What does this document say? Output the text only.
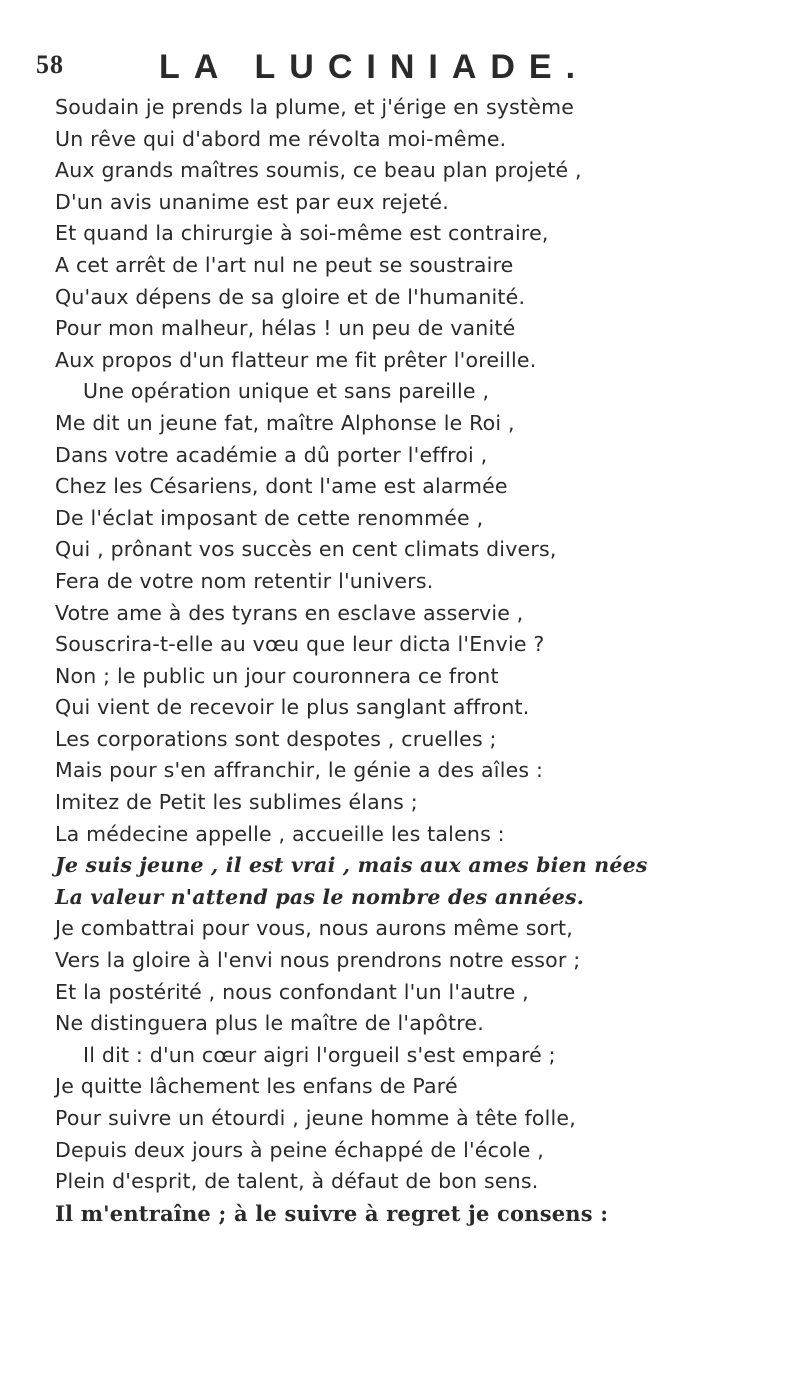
58	LA LUCINIADE.
Soudain je prends la plume, et j'érige en système
Un rêve qui d'abord me révolta moi-même.
Aux grands maîtres soumis, ce beau plan projeté ,
D'un avis unanime est par eux rejeté.
Et quand la chirurgie à soi-même est contraire,
A cet arrêt de l'art nul ne peut se soustraire
Qu'aux dépens de sa gloire et de l'humanité.
Pour mon malheur, hélas ! un peu de vanité
Aux propos d'un flatteur me fit prêter l'oreille.
Une opération unique et sans pareille ,
Me dit un jeune fat, maître Alphonse le Roi ,
Dans votre académie a dû porter l'effroi ,
Chez les Césariens, dont l'ame est alarmée
De l'éclat imposant de cette renommée ,
Qui , prônant vos succès en cent climats divers,
Fera de votre nom retentir l'univers.
Votre ame à des tyrans en esclave asservie ,
Souscrira-t-elle au vœu que leur dicta l'Envie ?
Non ; le public un jour couronnera ce front
Qui vient de recevoir le plus sanglant affront.
Les corporations sont despotes , cruelles ;
Mais pour s'en affranchir, le génie a des aîles :
Imitez de Petit les sublimes élans ;
La médecine appelle , accueille les talens :
Je suis jeune , il est vrai , mais aux ames bien nées
La valeur n'attend pas le nombre des années.
Je combattrai pour vous, nous aurons même sort,
Vers la gloire à l'envi nous prendrons notre essor ;
Et la postérité , nous confondant l'un l'autre ,
Ne distinguera plus le maître de l'apôtre.
Il dit : d'un cœur aigri l'orgueil s'est emparé ;
Je quitte lâchement les enfans de Paré
Pour suivre un étourdi , jeune homme à tête folle,
Depuis deux jours à peine échappé de l'école ,
Plein d'esprit, de talent, à défaut de bon sens.
Il m'entraîne ; à le suivre à regret je consens :
